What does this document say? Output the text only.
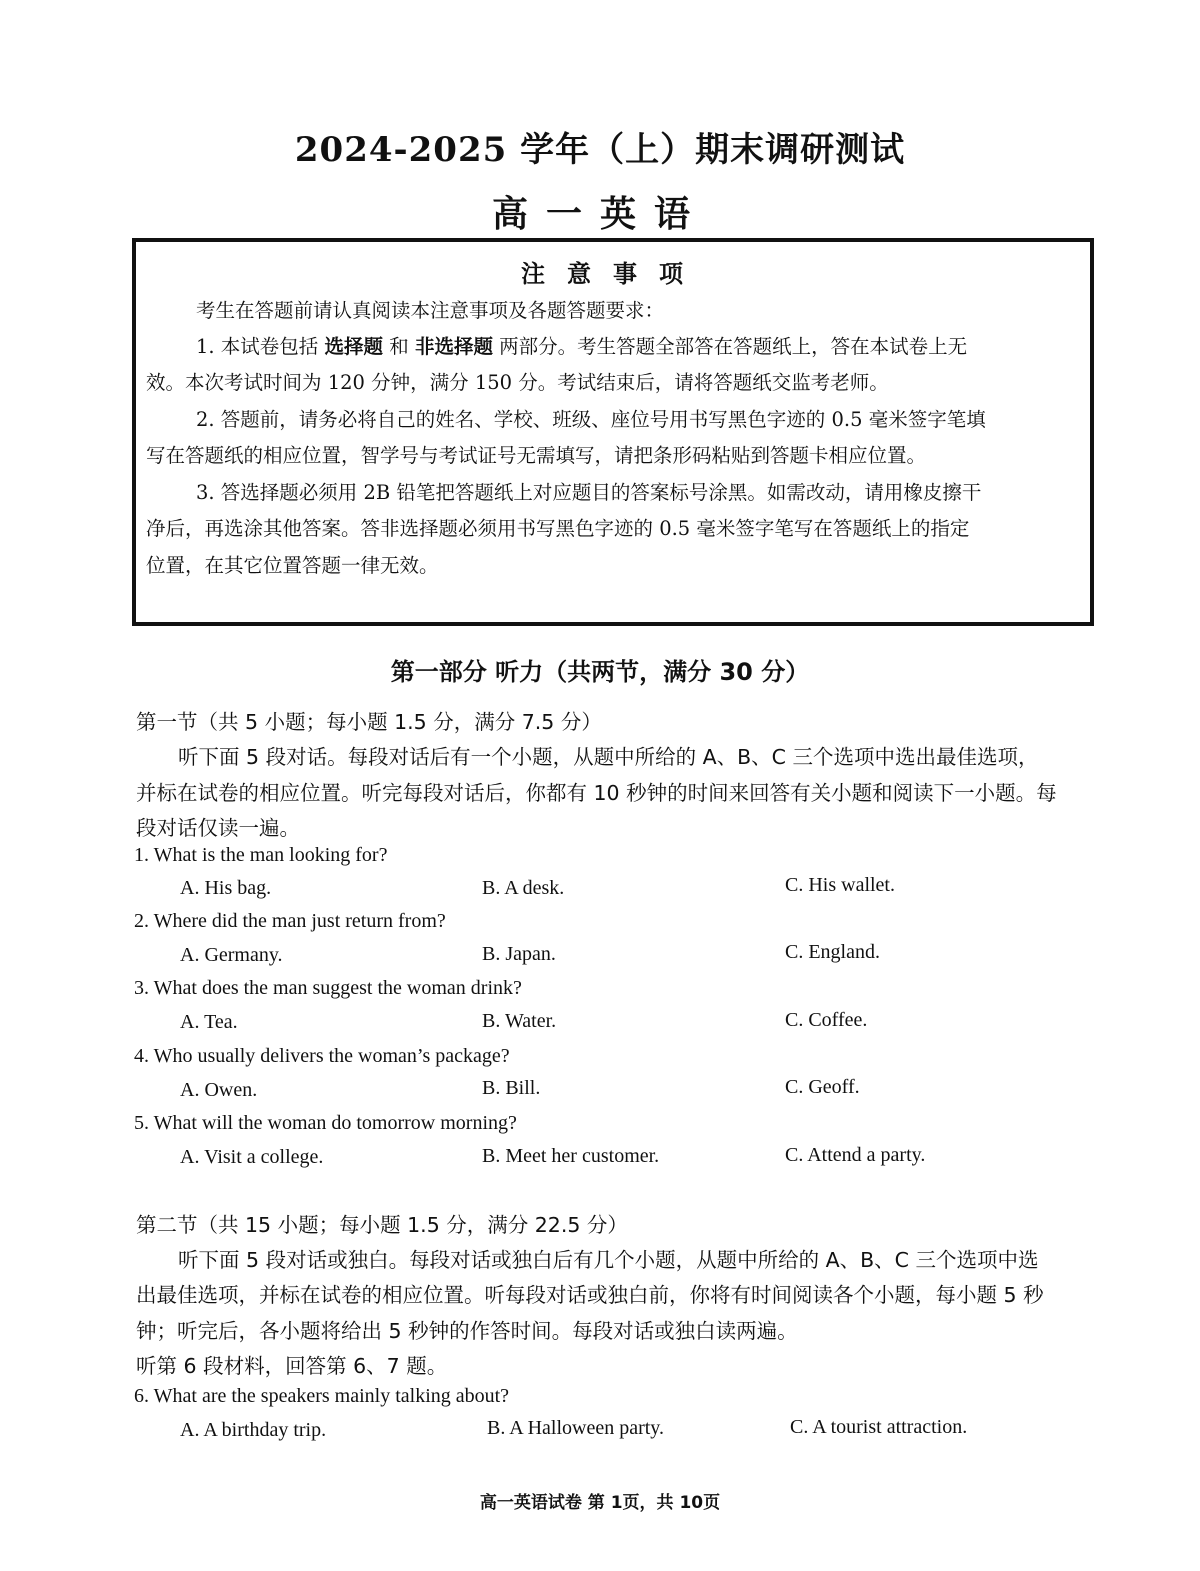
2024-2025 学年（上）期末调研测试
高一英语
注意事项
考生在答题前请认真阅读本注意事项及各题答题要求：
1. 本试卷包括 选择题 和 非选择题 两部分。考生答题全部答在答题纸上，答在本试卷上无
效。本次考试时间为 120 分钟，满分 150 分。考试结束后，请将答题纸交监考老师。
2. 答题前，请务必将自己的姓名、学校、班级、座位号用书写黑色字迹的 0.5 毫米签字笔填
写在答题纸的相应位置，智学号与考试证号无需填写，请把条形码粘贴到答题卡相应位置。
3. 答选择题必须用 2B 铅笔把答题纸上对应题目的答案标号涂黑。如需改动，请用橡皮擦干
净后，再选涂其他答案。答非选择题必须用书写黑色字迹的 0.5 毫米签字笔写在答题纸上的指定
位置，在其它位置答题一律无效。
第一部分 听力（共两节，满分 30 分）
第一节（共 5 小题；每小题 1.5 分，满分 7.5 分）
听下面 5 段对话。每段对话后有一个小题，从题中所给的 A、B、C 三个选项中选出最佳选项，
并标在试卷的相应位置。听完每段对话后，你都有 10 秒钟的时间来回答有关小题和阅读下一小题。每
段对话仅读一遍。
1. What is the man looking for?
A. His bag.	B. A desk.	C. His wallet.
2. Where did the man just return from?
A. Germany.	B. Japan.	C. England.
3. What does the man suggest the woman drink?
A. Tea.	B. Water.	C. Coffee.
4. Who usually delivers the woman’s package?
A. Owen.	B. Bill.	C. Geoff.
5. What will the woman do tomorrow morning?
A. Visit a college.	B. Meet her customer.	C. Attend a party.
第二节（共 15 小题；每小题 1.5 分，满分 22.5 分）
听下面 5 段对话或独白。每段对话或独白后有几个小题，从题中所给的 A、B、C 三个选项中选
出最佳选项，并标在试卷的相应位置。听每段对话或独白前，你将有时间阅读各个小题，每小题 5 秒
钟；听完后，各小题将给出 5 秒钟的作答时间。每段对话或独白读两遍。
听第 6 段材料，回答第 6、7 题。
6. What are the speakers mainly talking about?
A. A birthday trip.	B. A Halloween party.	C. A tourist attraction.
高一英语试卷 第 1页，共 10页
